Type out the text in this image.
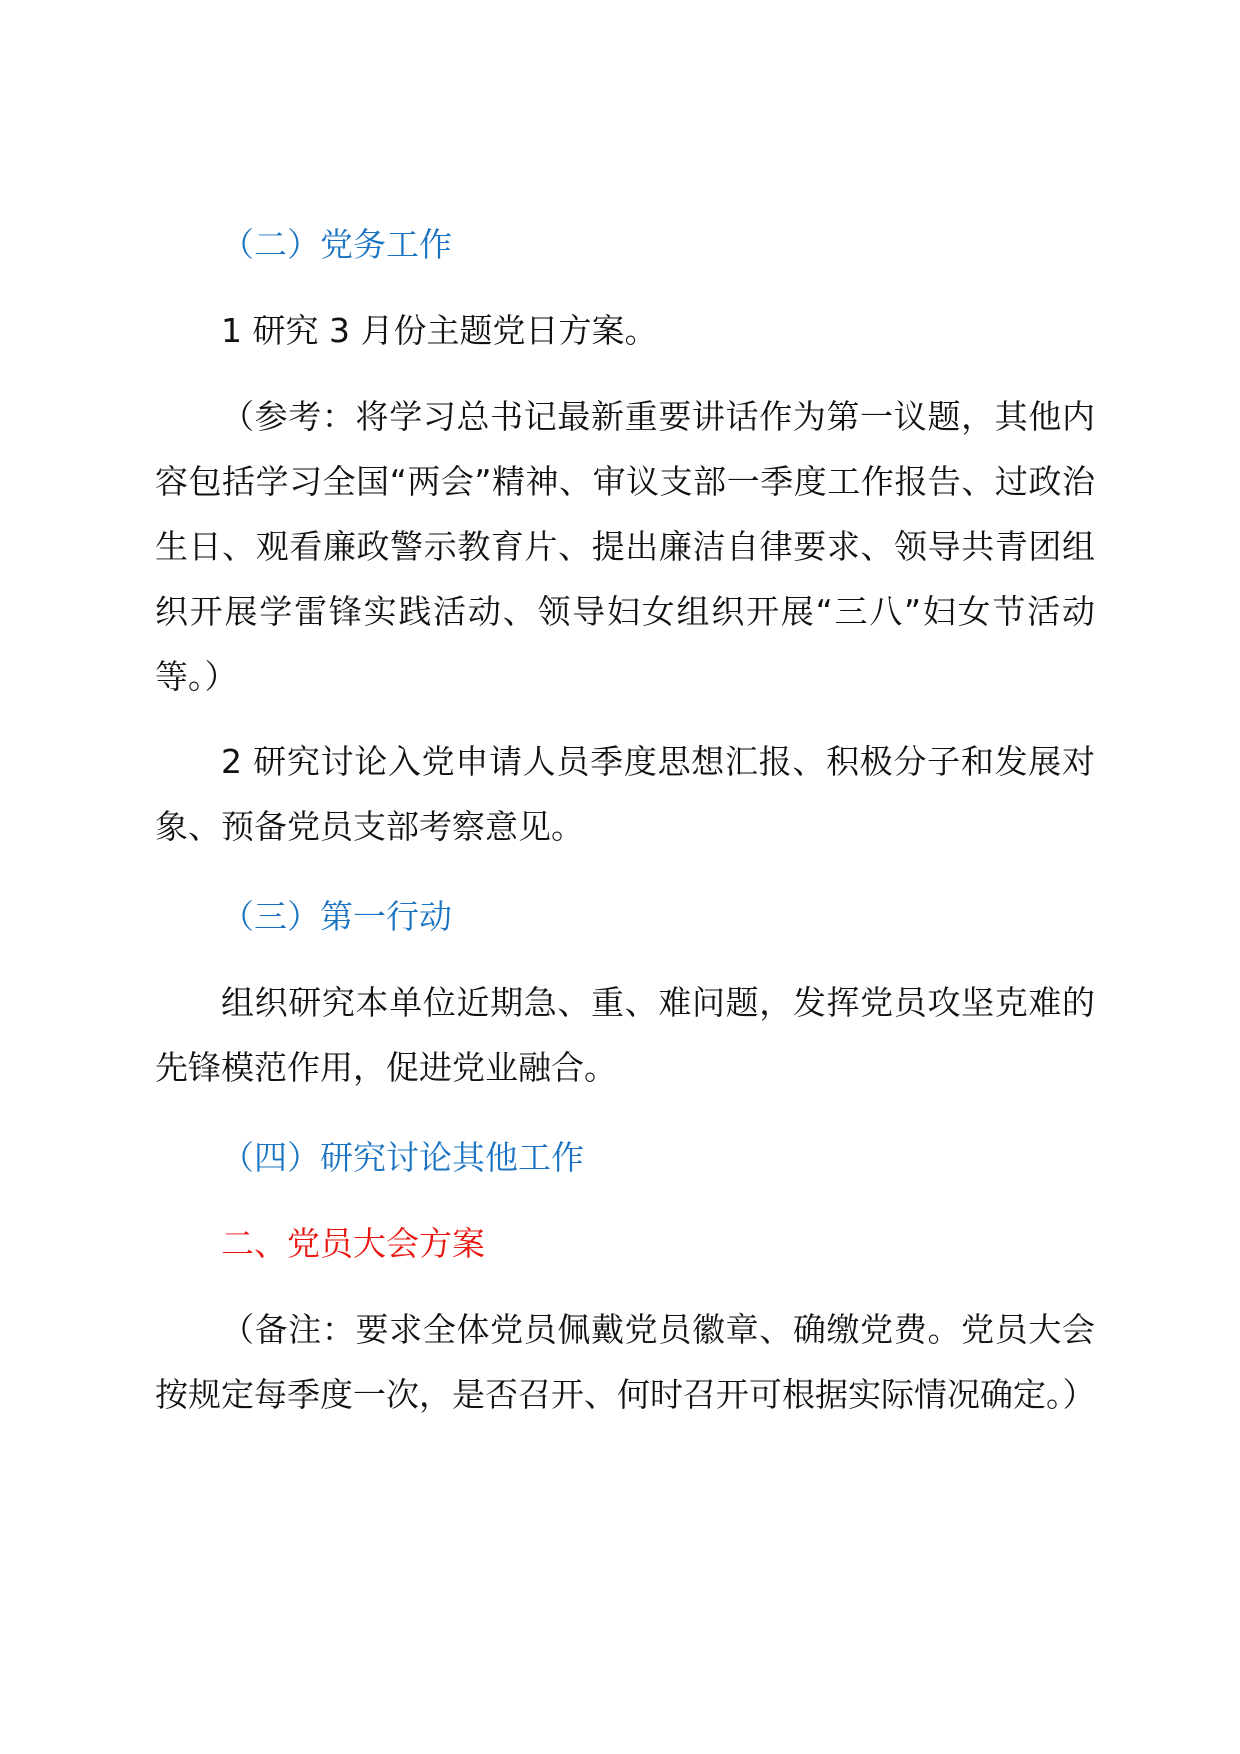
（二）党务工作

1 研究 3 月份主题党日方案。

（参考：将学习总书记最新重要讲话作为第一议题，其他内容包括学习全国“两会”精神、审议支部一季度工作报告、过政治生日、观看廉政警示教育片、提出廉洁自律要求、领导共青团组织开展学雷锋实践活动、领导妇女组织开展“三八”妇女节活动等。）

2 研究讨论入党申请人员季度思想汇报、积极分子和发展对象、预备党员支部考察意见。

（三）第一行动

组织研究本单位近期急、重、难问题，发挥党员攻坚克难的先锋模范作用，促进党业融合。

（四）研究讨论其他工作

二、党员大会方案

（备注：要求全体党员佩戴党员徽章、确缴党费。党员大会按规定每季度一次，是否召开、何时召开可根据实际情况确定。）
